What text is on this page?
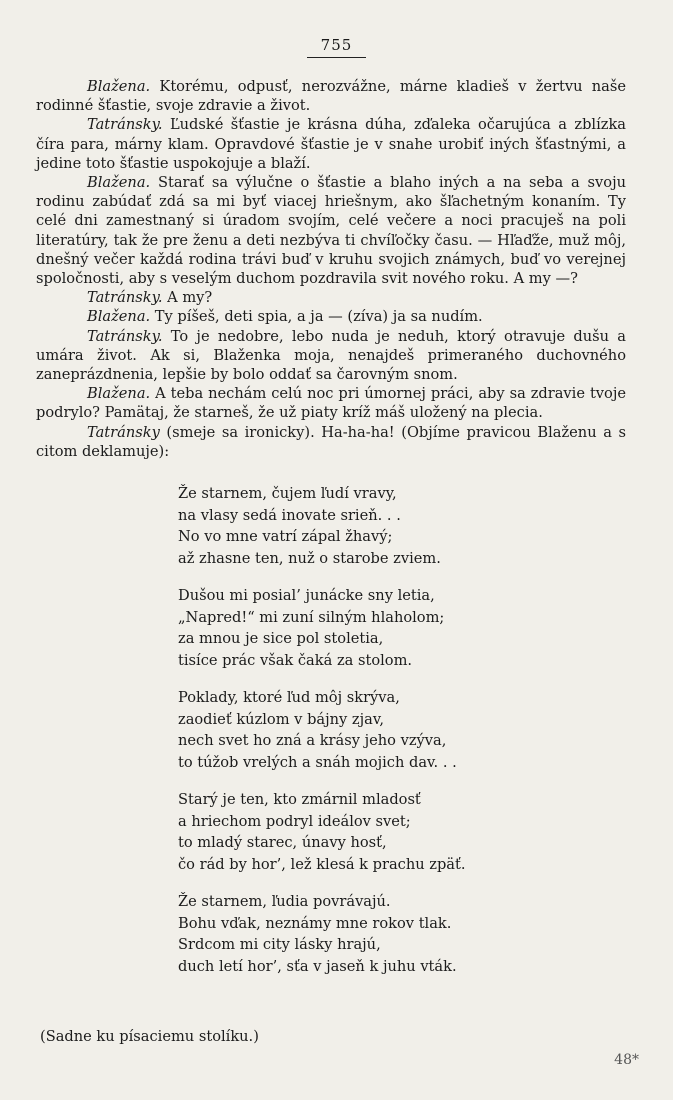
755

Blažena. Ktorému, odpusť, nerozvážne, márne kladieš v žertvu naše rodinné šťastie, svoje zdravie a život.

Tatránsky. Ľudské šťastie je krásna dúha, zďaleka očarujúca a zblízka čírа para, márny klam. Opravdové šťastie je v snahe urobiť iných šťastnými, a jedine toto šťastie uspokojuje a blaží.

Blažena. Starať sa výlučne o šťastie a blaho iných a na seba a svoju rodinu zabúdať zdá sa mi byť viacej hriešnym, ako šľachetným konaním. Ty celé dni zamestnaný si úradom svojím, celé večere a noci pracuješ na poli literatúry, tak že pre ženu a deti nezbýva ti chvíľočky času. — Hľaďže, muž môj, dnešný večer každá rodina trávi buď v kruhu svojich známych, buď vo verejnej spoločnosti, aby s veselým duchom pozdravila svit nového roku. A my —?

Tatránsky. A my?

Blažena. Ty píšeš, deti spia, a ja — (zíva) ja sa nudím.

Tatránsky. To je nedobre, lebo nuda je neduh, ktorý otravuje dušu a umára život. Ak si, Blaženka moja, nenajdeš primeraného duchovného zaneprázdnenia, lepšie by bolo oddať sa čarovným snom.

Blažena. A teba nechám celú noc pri úmornej práci, aby sa zdravie tvoje podrylo? Pamätaj, že starneš, že už piaty kríž máš uložený na plecia.

Tatránsky (smeje sa ironicky). Ha-ha-ha! (Objíme pravicou Blaženu a s citom deklamuje):

Že starnem, čujem ľudí vravy,
na vlasy sedá inovate srieň. . .
No vo mne vatrí zápal žhavý;
až zhasne ten, nuž o starobe zviem.
Dušou mi posial’ junácke sny letia,
„Napred!“ mi zuní silným hlaholom;
za mnou je sice pol stoletia,
tisíce prác však čaká za stolom.
Poklady, ktoré ľud môj skrýva,
zaodieť kúzlom v bájny zjav,
nech svet ho zná a krásy jeho vzýva,
to túžob vrelých a snáh mojich dav. . .
Starý je ten, kto zmárnil mladosť
a hriechom podryl ideálov svet;
to mladý starec, únavy hosť,
čo rád by hor’, lež klesá k prachu zpäť.
Že starnem, ľudia povrávajú.
Bohu vďak, neznámy mne rokov tlak.
Srdcom mi city lásky hrajú,
duch letí hor’, sťa v jaseň k juhu vták.
(Sadne ku písaciemu stolíku.)
48*
